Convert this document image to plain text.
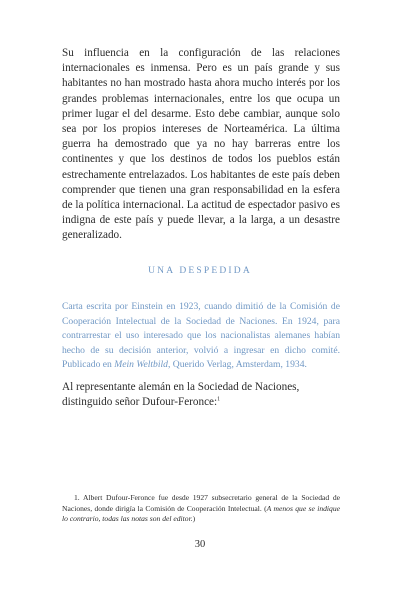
Su influencia en la configuración de las relaciones internacionales es inmensa. Pero es un país grande y sus habitantes no han mostrado hasta ahora mucho interés por los grandes problemas internacionales, entre los que ocupa un primer lugar el del desarme. Esto debe cambiar, aunque solo sea por los propios intereses de Norteamérica. La última guerra ha demostrado que ya no hay barreras entre los continentes y que los destinos de todos los pueblos están estrechamente entrelazados. Los habitantes de este país deben comprender que tienen una gran responsabilidad en la esfera de la política internacional. La actitud de espectador pasivo es indigna de este país y puede llevar, a la larga, a un desastre generalizado.

UNA DESPEDIDA

Carta escrita por Einstein en 1923, cuando dimitió de la Comisión de Cooperación Intelectual de la Sociedad de Naciones. En 1924, para contrarrestar el uso interesado que los nacionalistas alemanes habían hecho de su decisión anterior, volvió a ingresar en dicho comité. Publicado en Mein Weltbild, Querido Verlag, Amsterdam, 1934.

Al representante alemán en la Sociedad de Naciones, distinguido señor Dufour-Feronce:$^1$

1. Albert Dufour-Feronce fue desde 1927 subsecretario general de la Sociedad de Naciones, donde dirigía la Comisión de Cooperación Intelectual. (A menos que se indique lo contrario, todas las notas son del editor.)

30
